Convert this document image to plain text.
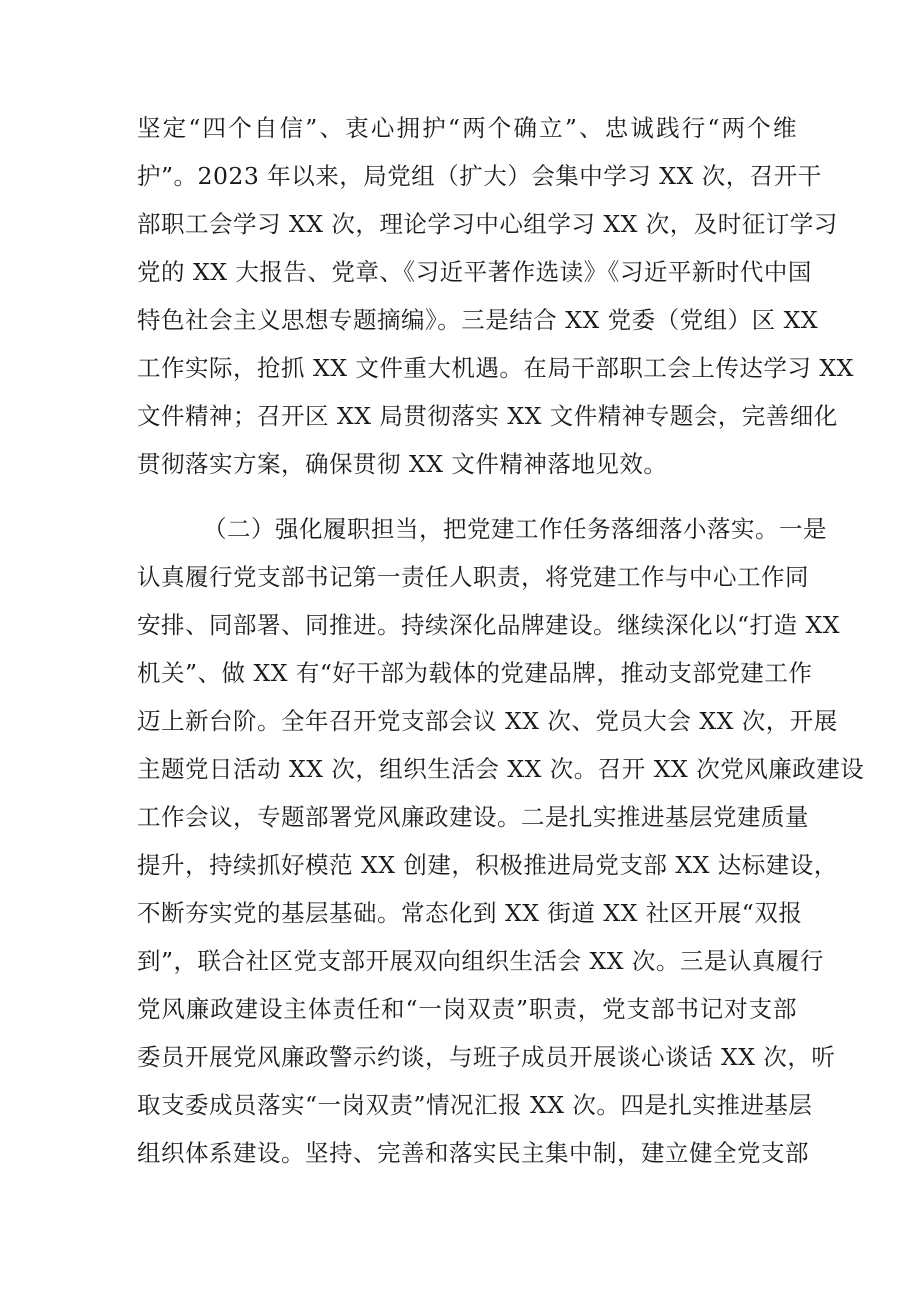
坚定“四个自信”、衷心拥护“两个确立”、忠诚践行“两个维
护”。2023 年以来，局党组（扩大）会集中学习 XX 次，召开干
部职工会学习 XX 次，理论学习中心组学习 XX 次，及时征订学习
党的 XX 大报告、党章、《习近平著作选读》《习近平新时代中国
特色社会主义思想专题摘编》。三是结合 XX 党委（党组）区 XX
工作实际，抢抓 XX 文件重大机遇。在局干部职工会上传达学习 XX
文件精神；召开区 XX 局贯彻落实 XX 文件精神专题会，完善细化
贯彻落实方案，确保贯彻 XX 文件精神落地见效。
（二）强化履职担当，把党建工作任务落细落小落实。一是
认真履行党支部书记第一责任人职责，将党建工作与中心工作同
安排、同部署、同推进。持续深化品牌建设。继续深化以“打造 XX
机关”、做 XX 有“好干部为载体的党建品牌，推动支部党建工作
迈上新台阶。全年召开党支部会议 XX 次、党员大会 XX 次，开展
主题党日活动 XX 次，组织生活会 XX 次。召开 XX 次党风廉政建设
工作会议，专题部署党风廉政建设。二是扎实推进基层党建质量
提升，持续抓好模范 XX 创建，积极推进局党支部 XX 达标建设，
不断夯实党的基层基础。常态化到 XX 街道 XX 社区开展“双报
到”，联合社区党支部开展双向组织生活会 XX 次。三是认真履行
党风廉政建设主体责任和“一岗双责”职责，党支部书记对支部
委员开展党风廉政警示约谈，与班子成员开展谈心谈话 XX 次，听
取支委成员落实“一岗双责”情况汇报 XX 次。四是扎实推进基层
组织体系建设。坚持、完善和落实民主集中制，建立健全党支部
